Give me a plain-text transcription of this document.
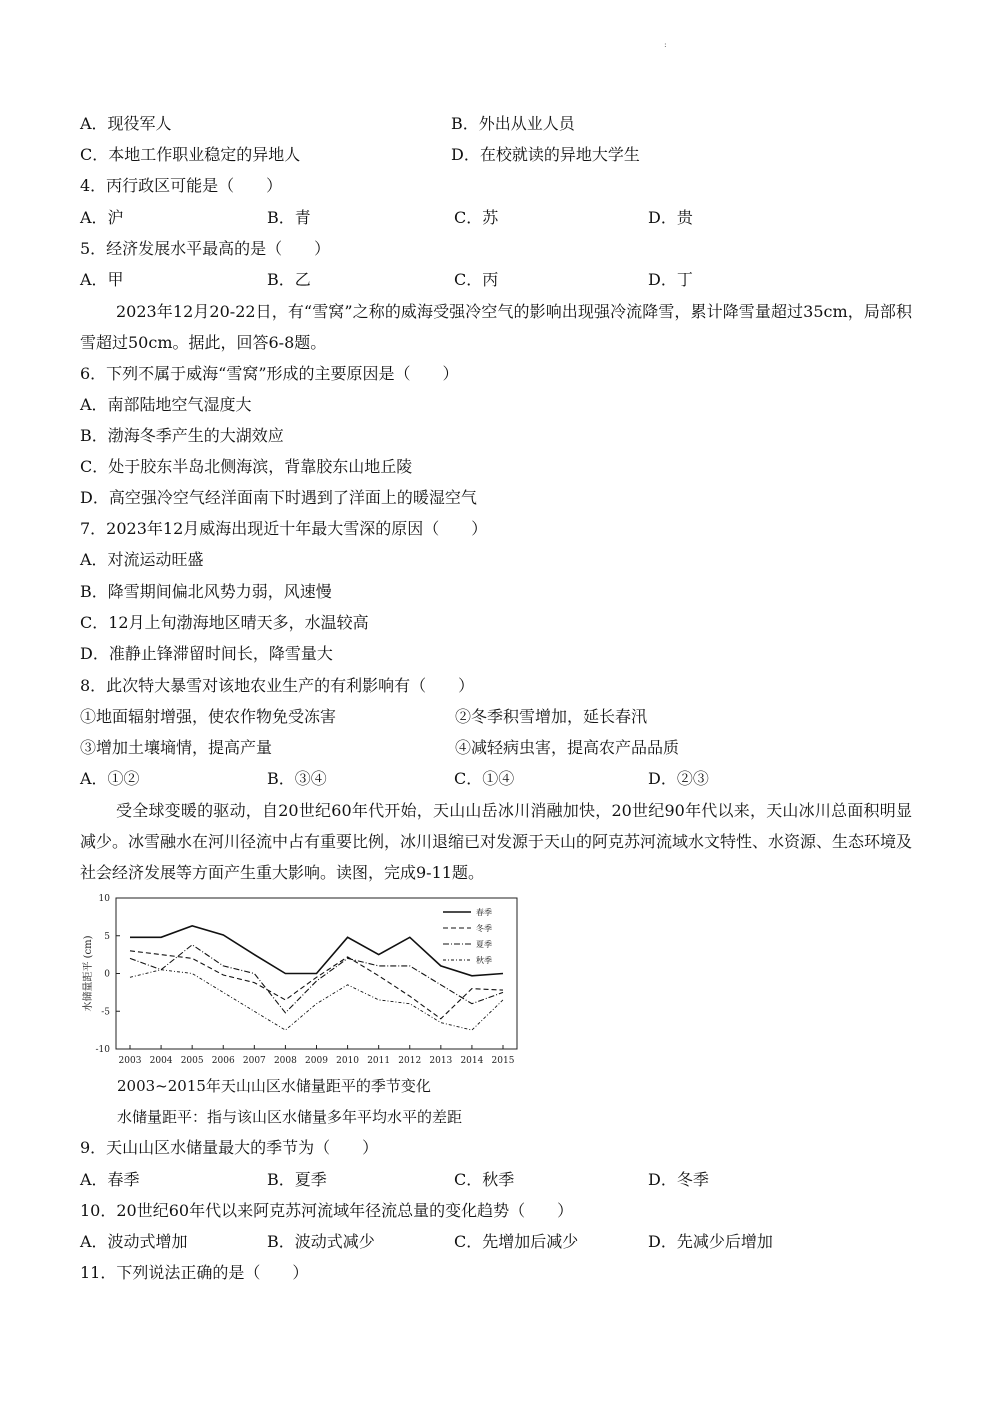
:
A．现役军人	B．外出从业人员
C．本地工作职业稳定的异地人	D．在校就读的异地大学生
4．丙行政区可能是（　　）
A．沪	B．青	C．苏	D．贵
5．经济发展水平最高的是（　　）
A．甲	B．乙	C．丙	D．丁
2023年12月20-22日，有“雪窝”之称的威海受强冷空气的影响出现强冷流降雪，累计降雪量超过35cm，局部积雪超过50cm。据此，回答6-8题。
6．下列不属于威海“雪窝”形成的主要原因是（　　）
A．南部陆地空气湿度大
B．渤海冬季产生的大湖效应
C．处于胶东半岛北侧海滨，背靠胶东山地丘陵
D．高空强冷空气经洋面南下时遇到了洋面上的暖湿空气
7．2023年12月威海出现近十年最大雪深的原因（　　）
A．对流运动旺盛
B．降雪期间偏北风势力弱，风速慢
C．12月上旬渤海地区晴天多，水温较高
D．准静止锋滞留时间长，降雪量大
8．此次特大暴雪对该地农业生产的有利影响有（　　）
①地面辐射增强，使农作物免受冻害	②冬季积雪增加，延长春汛
③增加土壤墒情，提高产量	④减轻病虫害，提高农产品品质
A．①②	B．③④	C．①④	D．②③
受全球变暖的驱动，自20世纪60年代开始，天山山岳冰川消融加快，20世纪90年代以来，天山冰川总面积明显减少。冰雪融水在河川径流中占有重要比例，冰川退缩已对发源于天山的阿克苏河流域水文特性、水资源、生态环境及社会经济发展等方面产生重大影响。读图，完成9-11题。
-10
-5
0
5
10
2003 2004 2005 2006 2007 2008 2009 2010 2011 2012 2013 2014 2015
水储量距平 (cm)
春季
冬季
夏季
秋季
2003~2015年天山山区水储量距平的季节变化
水储量距平：指与该山区水储量多年平均水平的差距
9．天山山区水储量最大的季节为（　　）
A．春季	B．夏季	C．秋季	D．冬季
10．20世纪60年代以来阿克苏河流域年径流总量的变化趋势（　　）
A．波动式增加	B．波动式减少	C．先增加后减少	D．先减少后增加
11．下列说法正确的是（　　）
